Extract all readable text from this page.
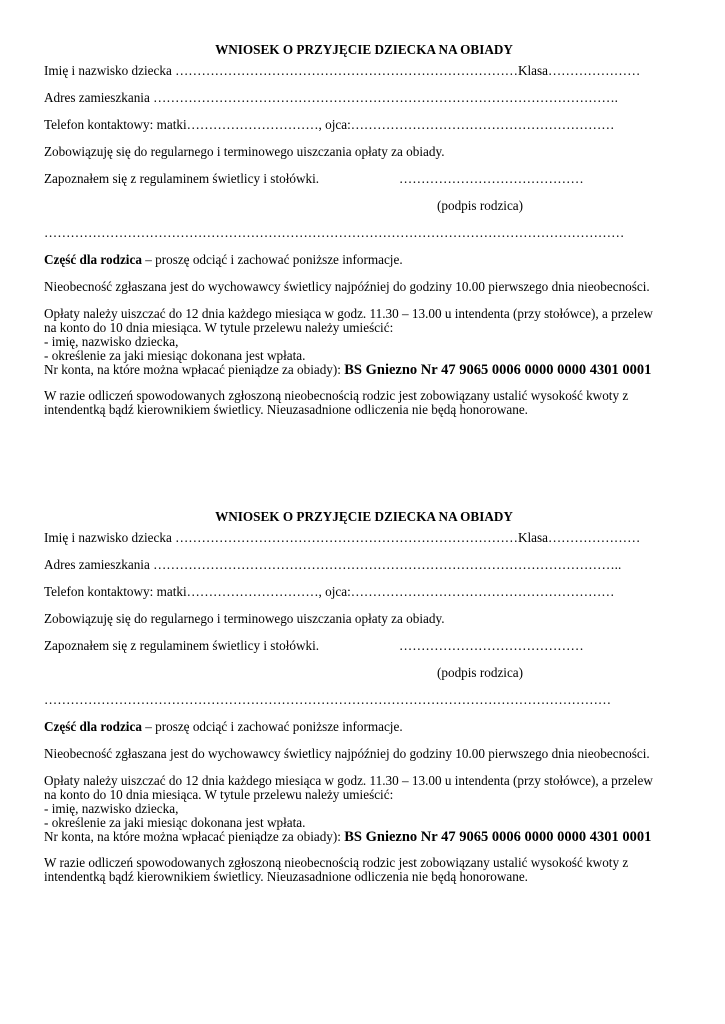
WNIOSEK O PRZYJĘCIE DZIECKA NA OBIADY
Imię i nazwisko dziecka ……………………………………………………………………Klasa…………………
Adres zamieszkania …………………………………………………………………………………………….
Telefon kontaktowy: matki…………………………, ojca:……………………………………………………
Zobowiązuję się do regularnego i terminowego uiszczania opłaty za obiady.
Zapoznałem się z regulaminem świetlicy i stołówki.	……………………………………
(podpis rodzica)
……………………………………………………………………………………………………………………
Część dla rodzica – proszę odciąć i zachować poniższe informacje.
Nieobecność zgłaszana jest do wychowawcy świetlicy najpóźniej do godziny 10.00 pierwszego dnia nieobecności.

Opłaty należy uiszczać do 12 dnia każdego miesiąca w godz. 11.30 – 13.00 u intendenta (przy stołówce), a przelew

na konto do 10 dnia miesiąca. W tytule przelewu należy umieścić:

- imię, nazwisko dziecka,

- określenie za jaki miesiąc dokonana jest wpłata.

Nr konta, na które można wpłacać pieniądze za obiady): BS Gniezno Nr 47 9065 0006 0000 0000 4301 0001

W razie odliczeń spowodowanych zgłoszoną nieobecnością rodzic jest zobowiązany ustalić wysokość kwoty z

intendentką bądź kierownikiem świetlicy. Nieuzasadnione odliczenia nie będą honorowane.

WNIOSEK O PRZYJĘCIE DZIECKA NA OBIADY
Imię i nazwisko dziecka ……………………………………………………………………Klasa…………………
Adres zamieszkania ……………………………………………………………………………………………..
Telefon kontaktowy: matki…………………………, ojca:……………………………………………………
Zobowiązuję się do regularnego i terminowego uiszczania opłaty za obiady.
Zapoznałem się z regulaminem świetlicy i stołówki.	……………………………………
(podpis rodzica)
…………………………………………………………………………………………………………………
Część dla rodzica – proszę odciąć i zachować poniższe informacje.
Nieobecność zgłaszana jest do wychowawcy świetlicy najpóźniej do godziny 10.00 pierwszego dnia nieobecności.

Opłaty należy uiszczać do 12 dnia każdego miesiąca w godz. 11.30 – 13.00 u intendenta (przy stołówce), a przelew

na konto do 10 dnia miesiąca. W tytule przelewu należy umieścić:

- imię, nazwisko dziecka,

- określenie za jaki miesiąc dokonana jest wpłata.

Nr konta, na które można wpłacać pieniądze za obiady): BS Gniezno Nr 47 9065 0006 0000 0000 4301 0001

W razie odliczeń spowodowanych zgłoszoną nieobecnością rodzic jest zobowiązany ustalić wysokość kwoty z

intendentką bądź kierownikiem świetlicy. Nieuzasadnione odliczenia nie będą honorowane.
